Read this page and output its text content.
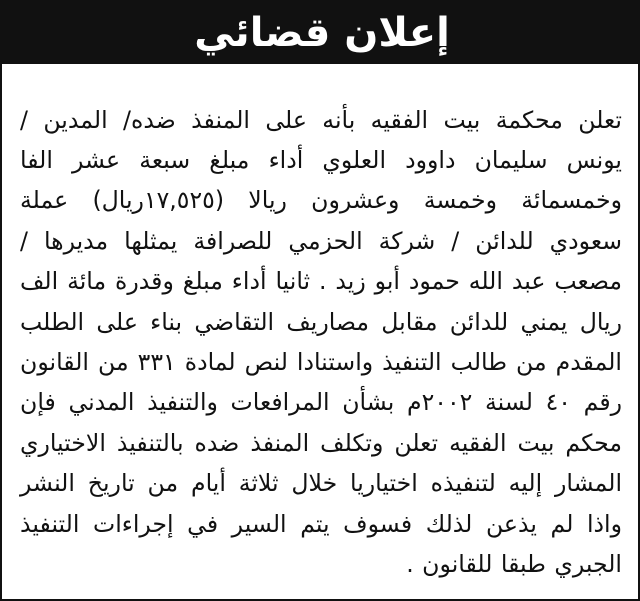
إعلان قضائي

تعلن محكمة بيت الفقيه بأنه على المنفذ ضده/ المدين / يونس سليمان داوود العلوي أداء مبلغ سبعة عشر الفا وخمسمائة وخمسة وعشرون ريالا (١٧,٥٢٥ريال) عملة سعودي للدائن / شركة الحزمي للصرافة يمثلها مديرها / مصعب عبد الله حمود أبو زيد . ثانيا أداء مبلغ وقدرة مائة الف ريال يمني للدائن مقابل مصاريف التقاضي بناء على الطلب المقدم من طالب التنفيذ واستنادا لنص لمادة ٣٣١ من القانون رقم ٤٠ لسنة ٢٠٠٢م بشأن المرافعات والتنفيذ المدني فإن محكم بيت الفقيه تعلن وتكلف المنفذ ضده بالتنفيذ الاختياري المشار إليه لتنفيذه اختياريا خلال ثلاثة أيام من تاريخ النشر واذا لم يذعن لذلك فسوف يتم السير في إجراءات التنفيذ الجبري طبقا للقانون .
